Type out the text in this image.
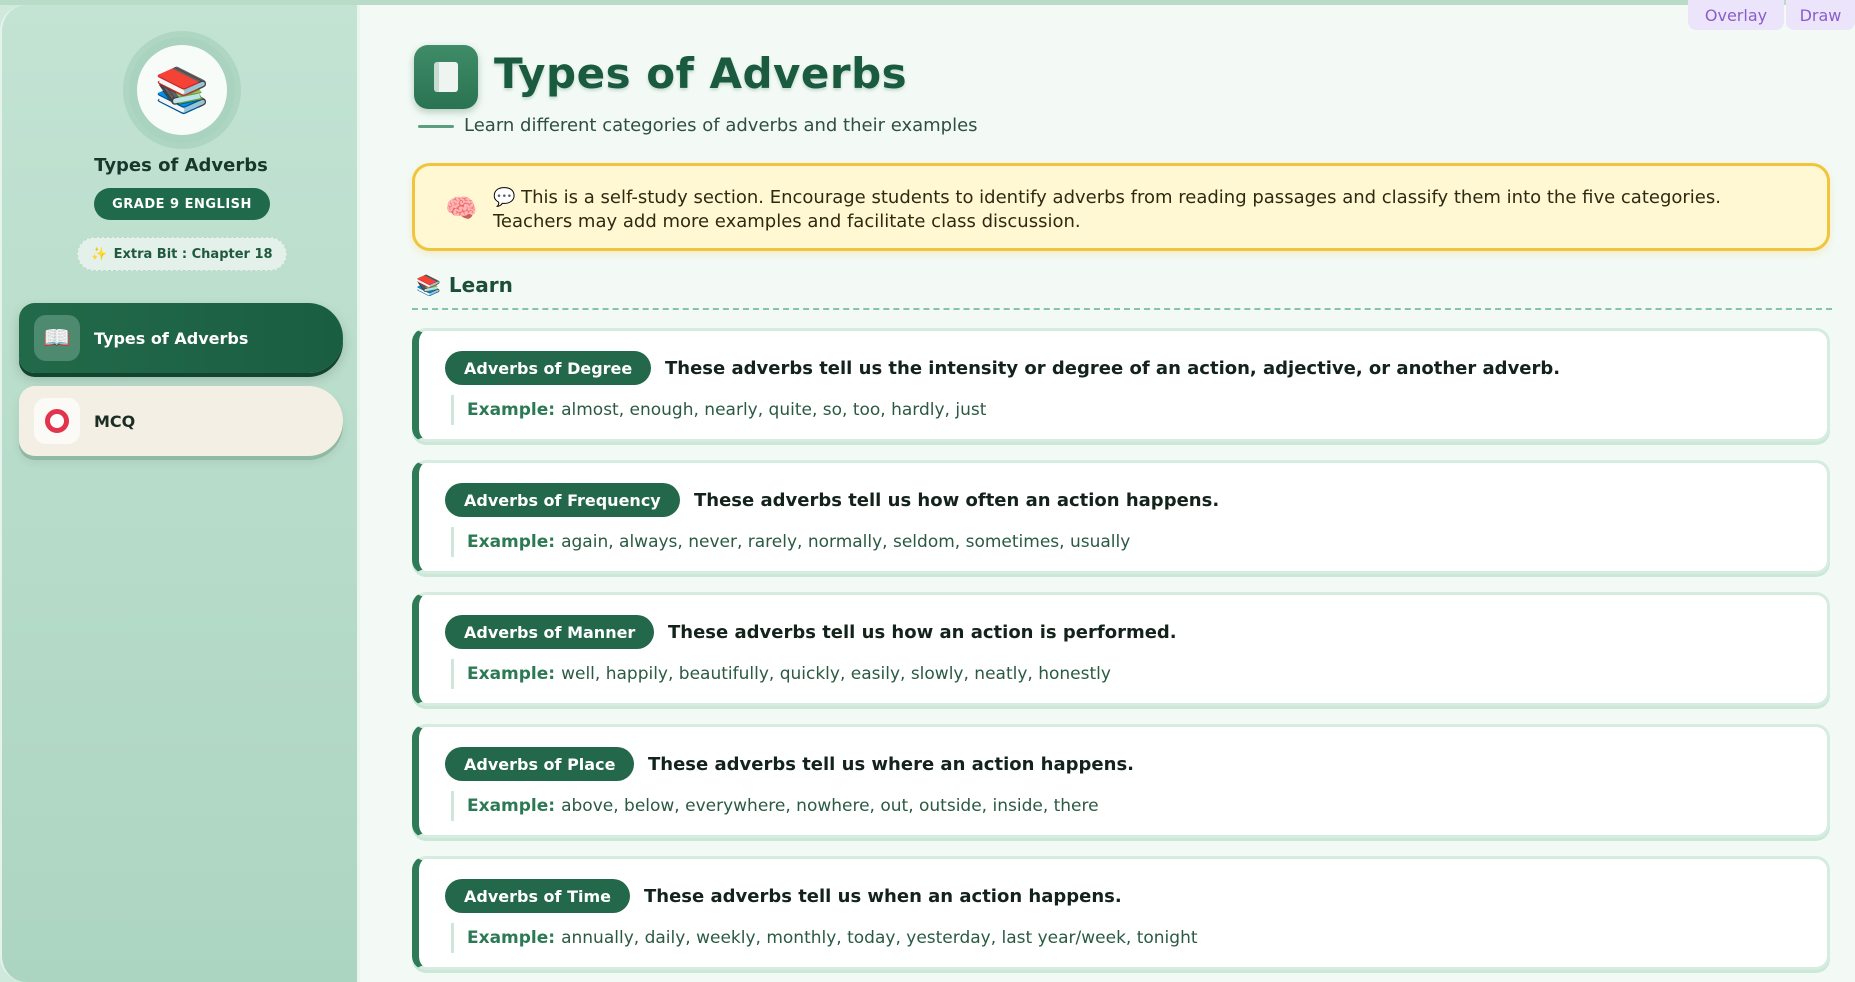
📚
Types of Adverbs
GRADE 9 ENGLISH
✨ Extra Bit : Chapter 18
📖	Types of Adverbs
MCQ
Types of Adverbs
Learn different categories of adverbs and their examples
🧠 💬 This is a self-study section. Encourage students to identify adverbs from reading passages and classify them into the five categories. Teachers may add more examples and facilitate class discussion.
📚 Learn
Adverbs of Degree	These adverbs tell us the intensity or degree of an action, adjective, or another adverb.
Example: almost, enough, nearly, quite, so, too, hardly, just
Adverbs of Frequency	These adverbs tell us how often an action happens.
Example: again, always, never, rarely, normally, seldom, sometimes, usually
Adverbs of Manner	These adverbs tell us how an action is performed.
Example: well, happily, beautifully, quickly, easily, slowly, neatly, honestly
Adverbs of Place	These adverbs tell us where an action happens.
Example: above, below, everywhere, nowhere, out, outside, inside, there
Adverbs of Time	These adverbs tell us when an action happens.
Example: annually, daily, weekly, monthly, today, yesterday, last year/week, tonight
Overlay	Draw
